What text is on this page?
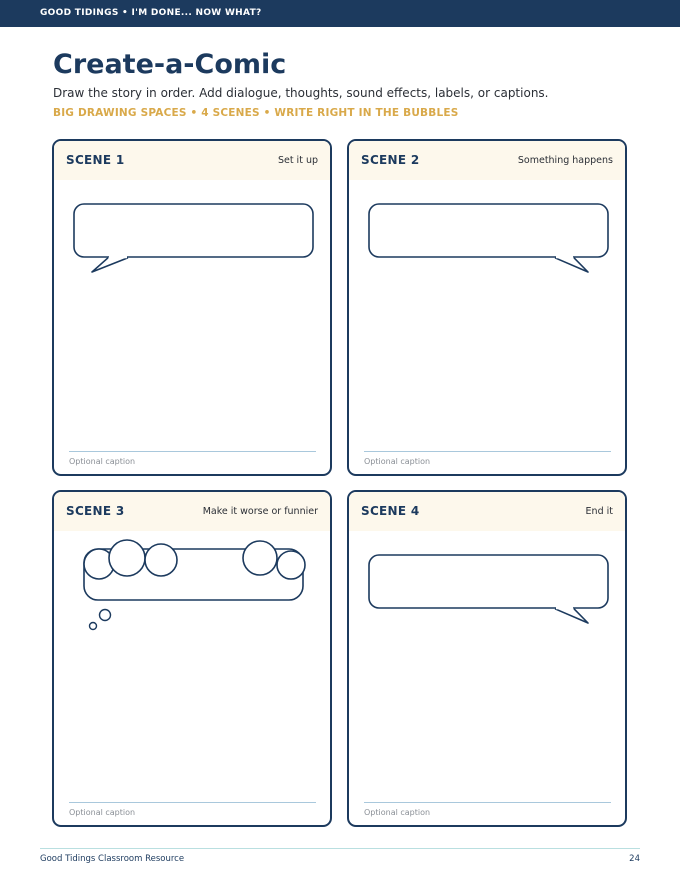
GOOD TIDINGS • I'M DONE... NOW WHAT?
Create-a-Comic

Draw the story in order. Add dialogue, thoughts, sound effects, labels, or captions.

BIG DRAWING SPACES • 4 SCENES • WRITE RIGHT IN THE BUBBLES

SCENE 1	Set it up
Optional caption
SCENE 2	Something happens
Optional caption
SCENE 3	Make it worse or funnier
Optional caption
SCENE 4	End it
Optional caption
Good Tidings Classroom Resource	24
